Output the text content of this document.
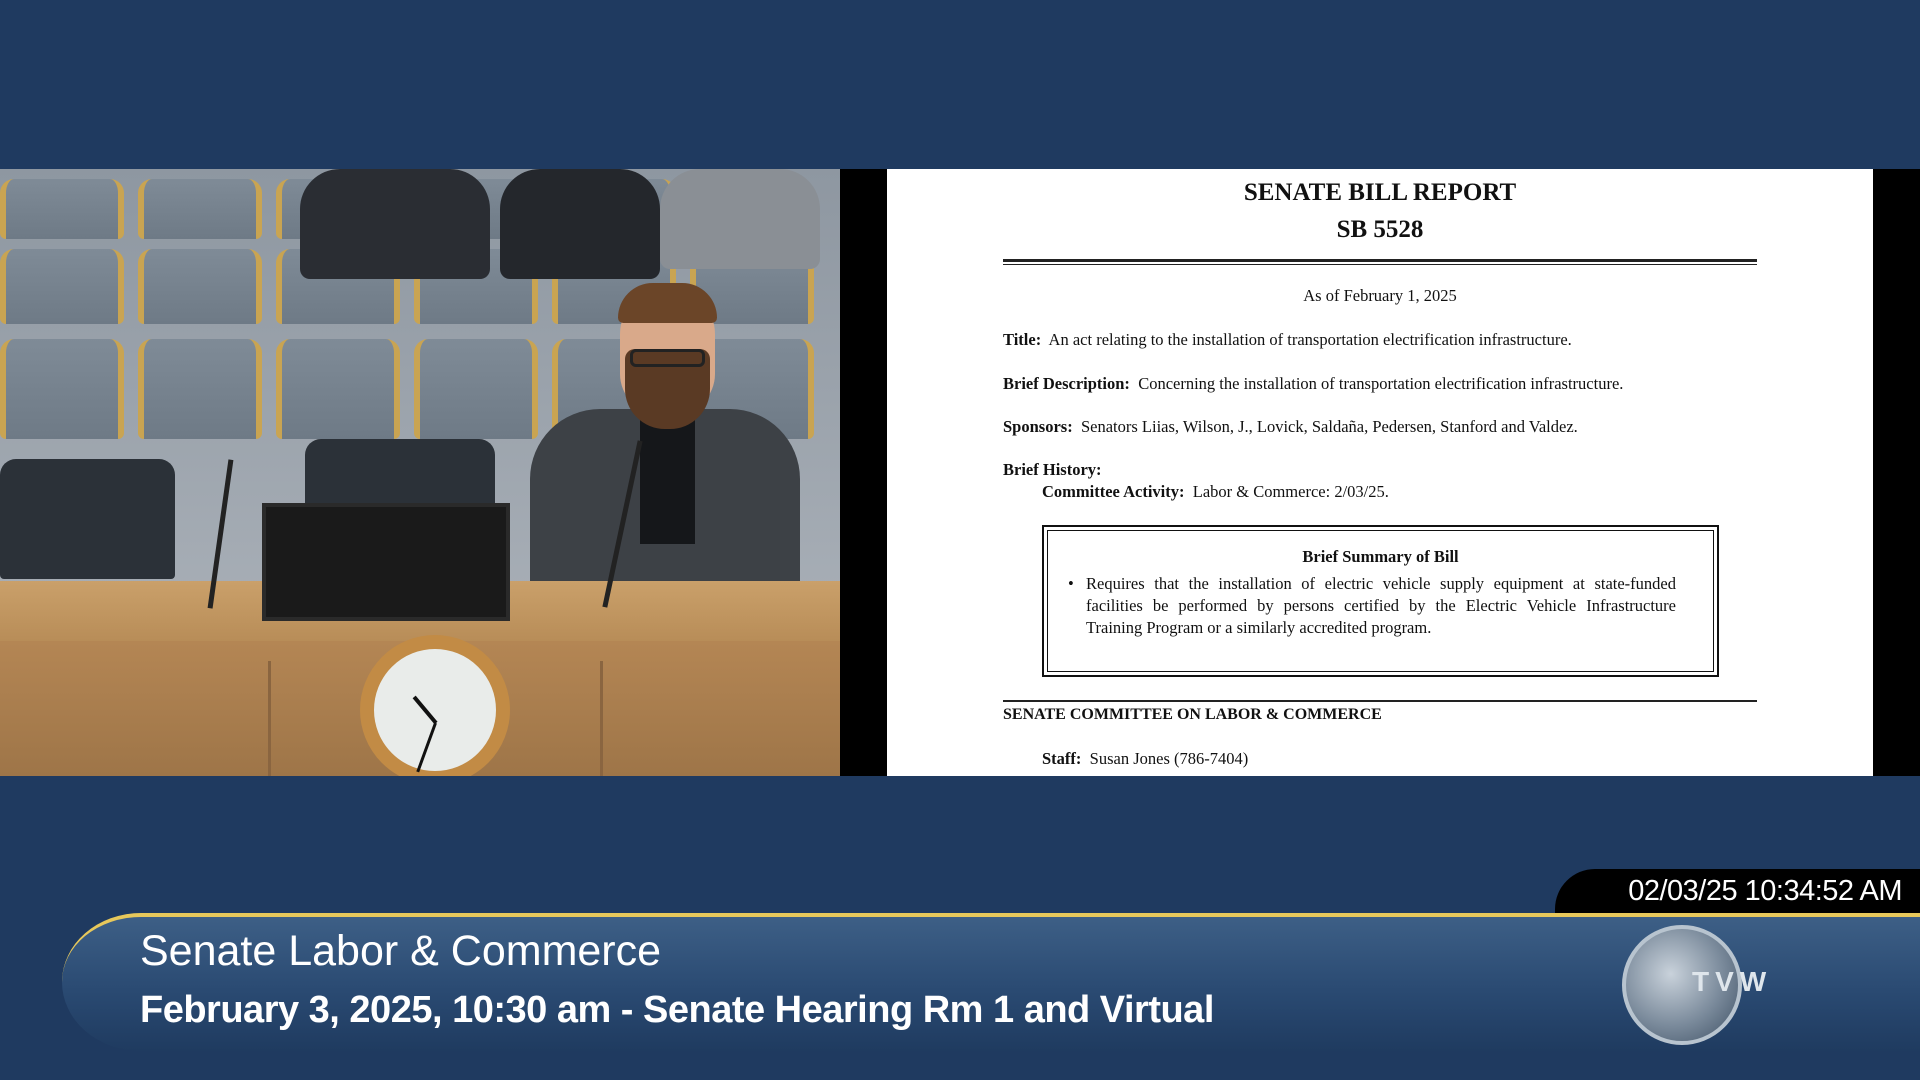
SENATE BILL REPORT
SB 5528
As of February 1, 2025
Title: An act relating to the installation of transportation electrification infrastructure.
Brief Description: Concerning the installation of transportation electrification infrastructure.
Sponsors: Senators Liias, Wilson, J., Lovick, Saldaña, Pedersen, Stanford and Valdez.
Brief History:
Committee Activity: Labor & Commerce: 2/03/25.
Brief Summary of Bill
• Requires that the installation of electric vehicle supply equipment at state-funded facilities be performed by persons certified by the Electric Vehicle Infrastructure Training Program or a similarly accredited program.
SENATE COMMITTEE ON LABOR & COMMERCE
Staff: Susan Jones (786-7404)
02/03/25 10:34:52 AM
Senate Labor & Commerce
February 3, 2025, 10:30 am - Senate Hearing Rm 1 and Virtual
TVW
